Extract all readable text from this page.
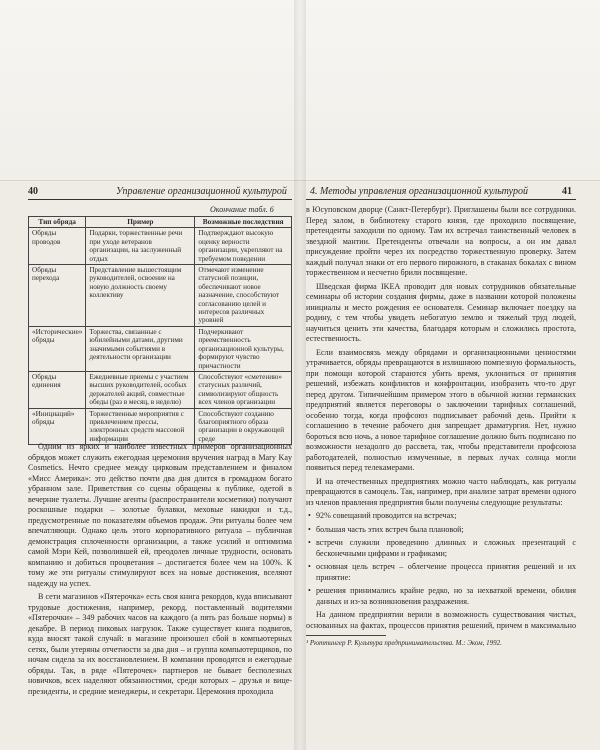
40	Управление организационной культурой 4. Методы управления организационной культурой	41
Окончание табл. 6
Тип обряда	Пример	Возможные последствия
Обряды проводов	Подарки, торжественные речи при уходе ветеранов организации, на заслуженный отдых	Подтверждают высокую оценку верности организации, укрепляют на требуемом поведении
Обряды перехода	Представление вышестоящим руководителей, освоение на новую должность своему коллективу	Отмечают изменение статусной позиции, обеспечивают новое назначение, способствуют согласованию целей и интересов различных уровней
«Исторические» обряды	Торжества, связанные с юбилейными датами, другими значимыми событиями в деятельности организации	Подчеркивают преемственность организационной культуры, формируют чувство причастности
Обряды единения	Ежедневные приемы с участием высших руководителей, особых держателей акций, совместные обеды (раз в месяц, в неделю)	Способствуют «сметению» статусных различий, символизируют общность всех членов организации
«Инициаций» обряды	Торжественные мероприятия с привлечением прессы, электронных средств массовой информации	Способствуют созданию благоприятного образа организации в окружающей среде

Одним из ярких и наиболее известных примеров организационных обрядов может служить ежегодная церемония вручения наград в Mary Kay Cosmetics. Нечто среднее между цирковым представлением и финалом «Мисс Америка»: это действо почти два дня длится в громадном богато убранном зале. Приветствия со сцены обращены к публике, одетой в вечерние туалеты. Лучшие агенты (распространители косметики) получают роскошные подарки – золотые булавки, меховые накидки и т.д., предусмотренные по показателям объемов продаж. Эти ритуалы более чем впечатляющи. Однако цель этого корпоративного ритуала – публичная демонстрация сплоченности организации, а также усилий и оптимизма самой Мэри Кей, позволившей ей, преодолев личные трудности, основать компанию и добиться процветания – достигается более чем на 100%. К тому же эти ритуалы стимулируют всех на новые достижения, вселяют надежду на успех.

В сети магазинов «Пятерочка» есть своя книга рекордов, куда вписывают трудовые достижения, например, рекорд, поставленный водителями «Пятерочки» – 349 рабочих часов на каждого (а пять раз больше нормы) в декабре. В период пиковых нагрузок. Также существует книга подвигов, куда вносят такой случай: в магазине произошел сбой в компьютерных сетях, были утеряны отчетности за два дня – и группа компьютерщиков, по ночам сидела за их восстановлением. В компании проводятся и ежегодные обряды. Так, в ряде «Пятерочек» партнеров не бывает бесполезных новичков, всех наделяют обязанностями, среди которых – друзья и вице-президенты, и средние менеджеры, и секретари. Церемония проходила

в Юсуповском дворце (Санкт-Петербург). Приглашены были все сотрудники. Перед залом, в библиотеку старого князя, где проходило посвящение, претенденты заходили по одному. Там их встречал таинственный человек в звездной мантии. Претенденты отвечали на вопросы, а он им давал присуждение пройти через их посредство торжественную проверку. Затем каждый получал знаки от его первого пирожного, в стаканах бокалах с вином торжественном и несчетно брили посвящение.

Шведская фирма IKEA проводит для новых сотрудников обязательные семинары об истории создания фирмы, даже в названии которой положены инициалы и место рождения ее основателя. Семинар включает поездку на родину, с тем чтобы увидеть небогатую землю и тяжелый труд людей, научиться ценить эти качества, благодаря которым и сложились простота, естественность.

Если взаимосвязь между обрядами и организационными ценностями утрачивается, обряды превращаются в излишнюю помпезную формальность, при помощи которой стараются убить время, уклониться от принятия решений, избежать конфликтов и конфронтации, изобразить что-то друг перед другом. Типичнейшим примером этого в обычной жизни германских предприятий является переговоры о заключении тарифных соглашений, особенно тогда, когда профсоюз подписывает рабочий день. Прийти к соглашению в течение рабочего дня запрещает драматургия. Нет, нужно бороться всю ночь, а новое тарифное соглашение должно быть подписано по возможности незадолго до рассвета, так, чтобы представители профсоюза работодателей, полностью измученные, в первых лучах солнца могли появиться перед телекамерами.

И на отечественных предприятиях можно часто наблюдать, как ритуалы превращаются в самоцель. Так, например, при анализе затрат времени одного из членов правления предприятия были получены следующие результаты:

• 92% совещаний проводится на встречах;

• большая часть этих встреч была плановой;

• встречи служили проведению длинных и сложных презентаций с бесконечными цифрами и графиками;

• основная цель встреч – облегчение процесса принятия решений и их принятие:

• решения принимались крайне редко, но за нехваткой времени, обилия данных и из-за возникновения раздражения.

На данном предприятии верили в возможность существования чистых, основанных на фактах, процессов принятия решений, причем в максимально

¹ Рюттингер Р. Культура предпринимательства. М.: Эком, 1992.
